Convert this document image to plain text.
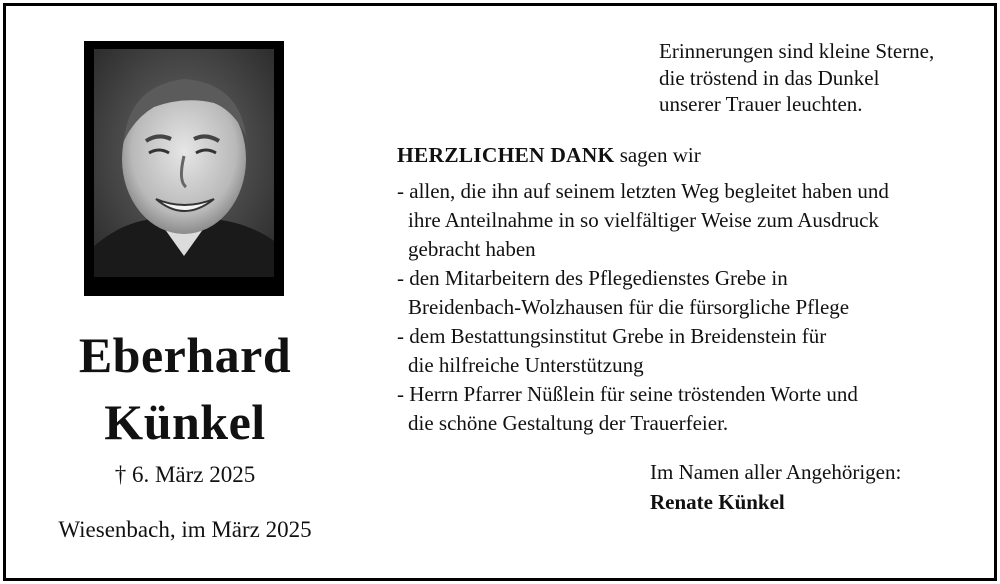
Eberhard
Künkel
† 6. März 2025
Wiesenbach, im März 2025
Erinnerungen sind kleine Sterne,
die tröstend in das Dunkel
unserer Trauer leuchten.
HERZLICHEN DANK sagen wir
- allen, die ihn auf seinem letzten Weg begleitet haben und
ihre Anteilnahme in so vielfältiger Weise zum Ausdruck
gebracht haben
- den Mitarbeitern des Pflegedienstes Grebe in
Breidenbach-Wolzhausen für die fürsorgliche Pflege
- dem Bestattungsinstitut Grebe in Breidenstein für
die hilfreiche Unterstützung
- Herrn Pfarrer Nüßlein für seine tröstenden Worte und
die schöne Gestaltung der Trauerfeier.
Im Namen aller Angehörigen:
Renate Künkel
